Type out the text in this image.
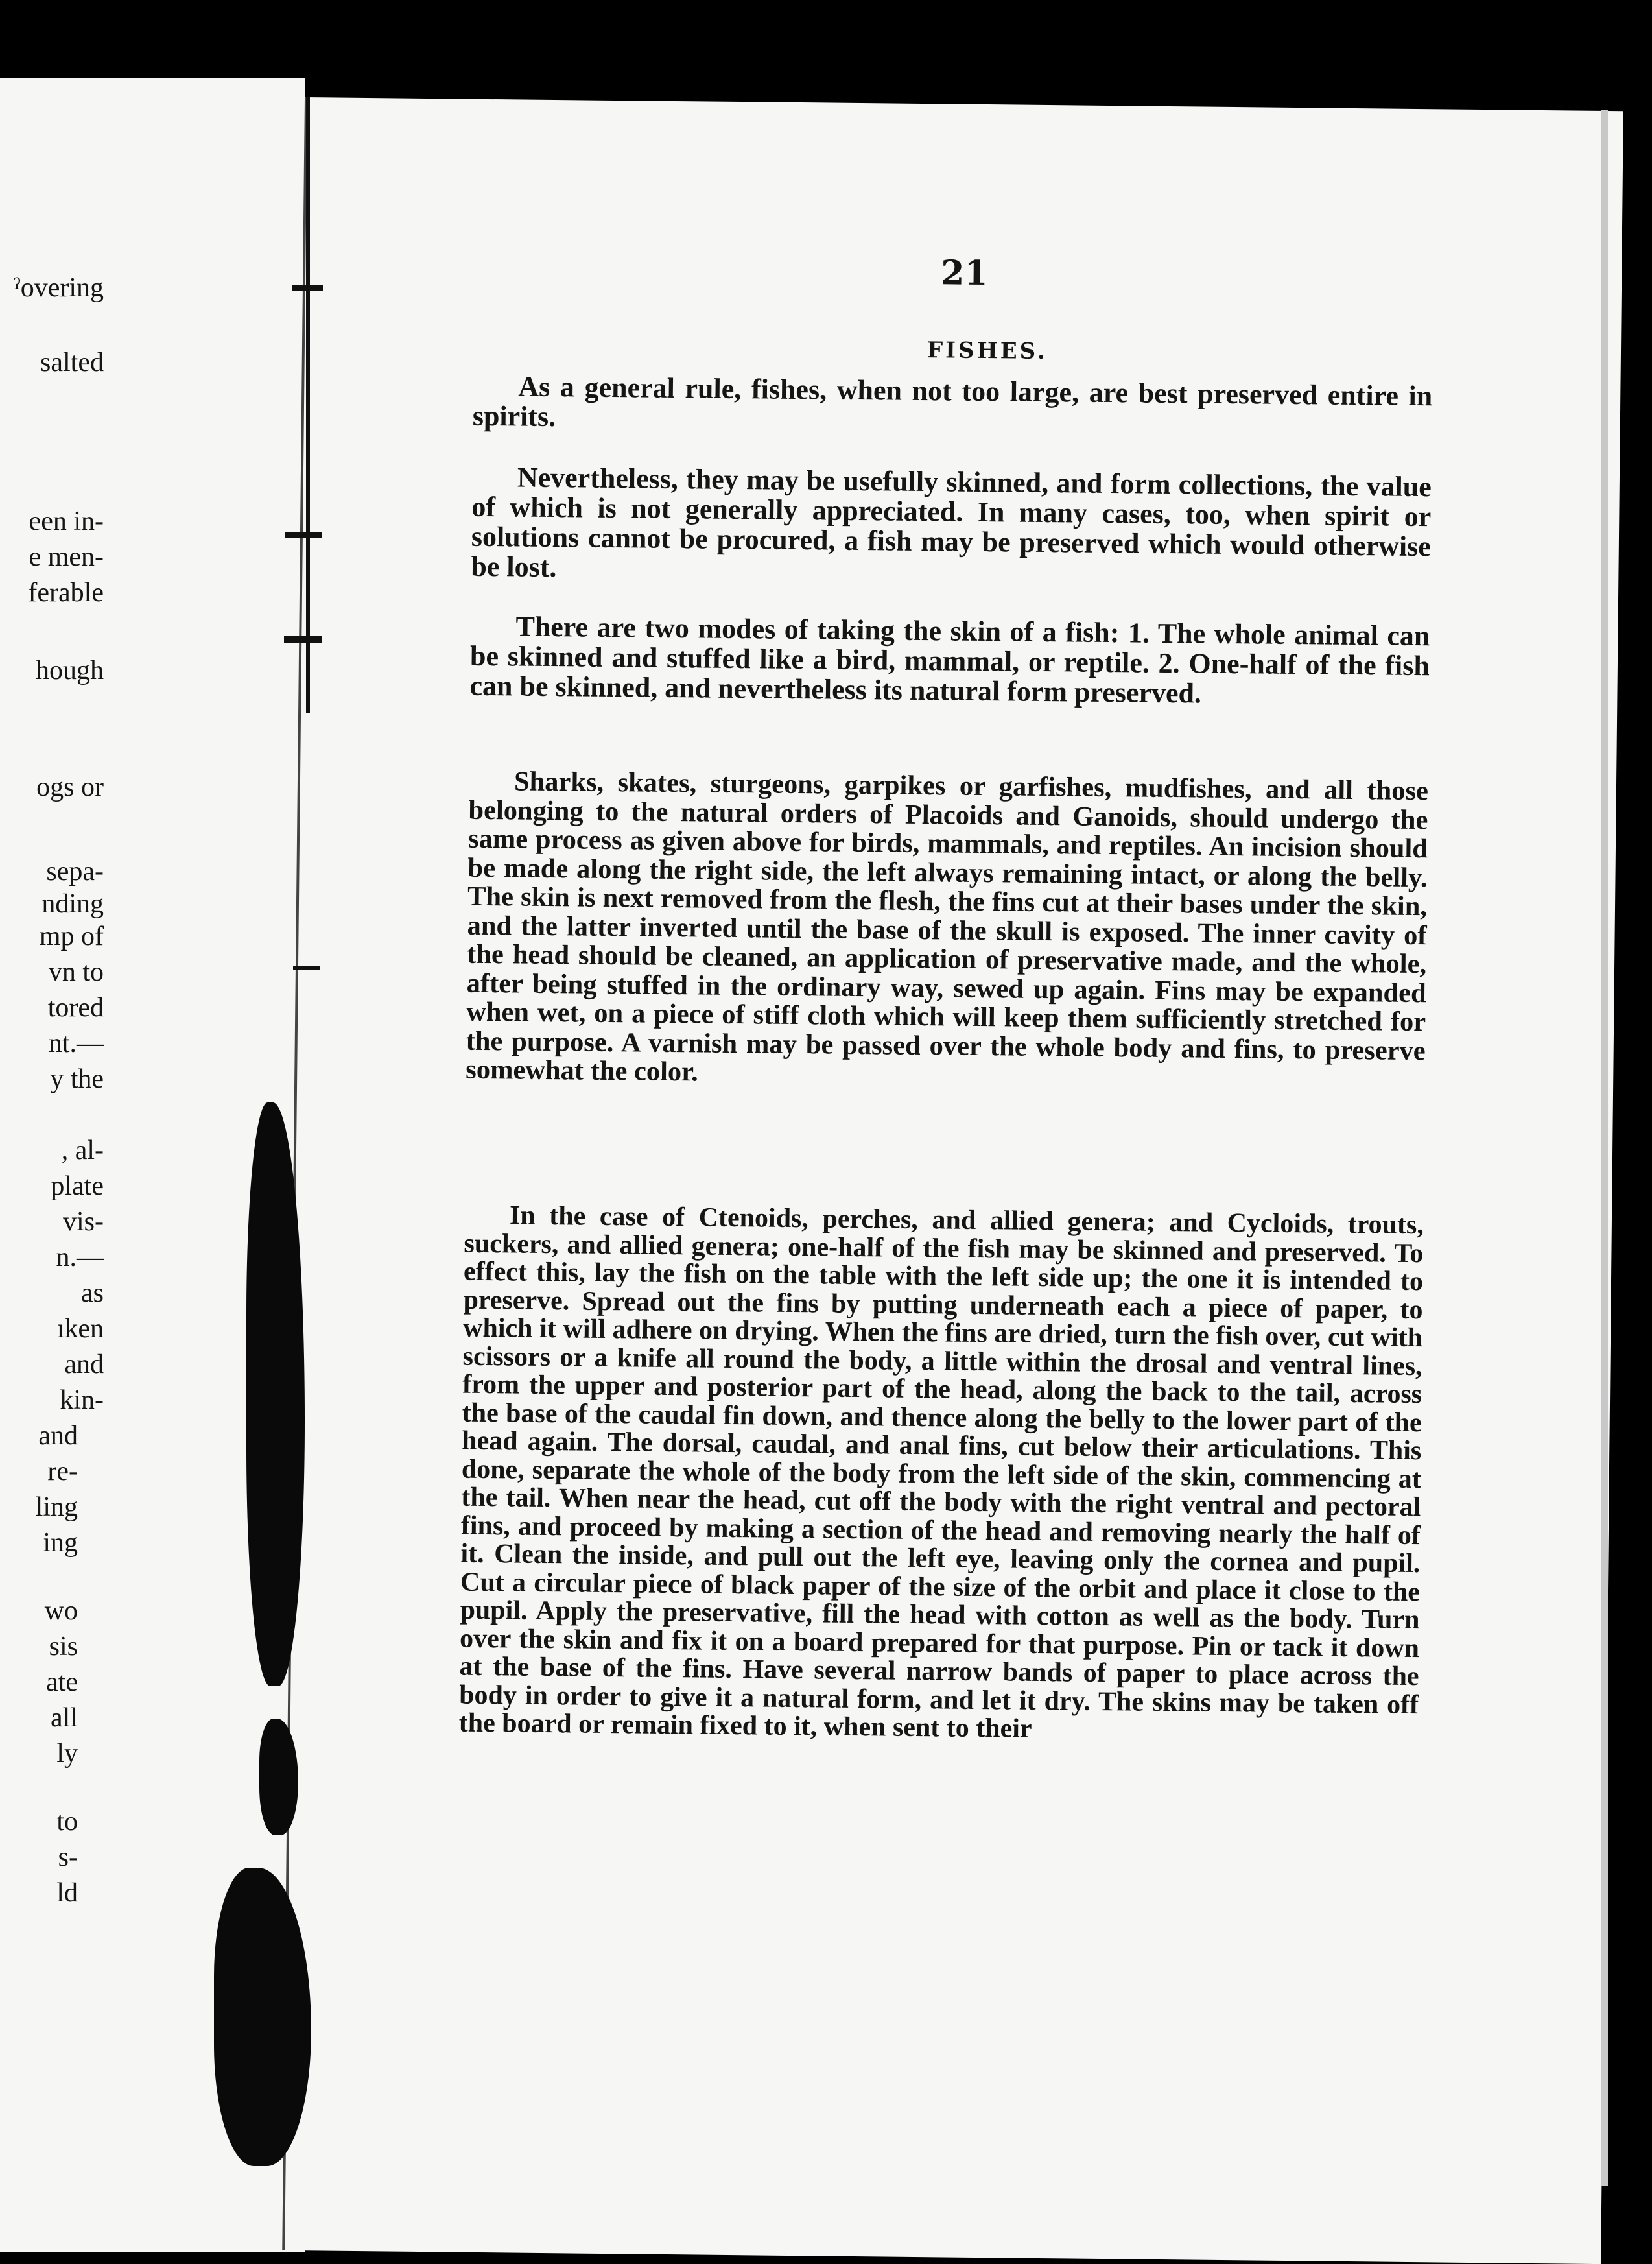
21
FISHES.

As a general rule, fishes, when not too large, are best preserved entire in spirits.

Nevertheless, they may be usefully skinned, and form collections, the value of which is not generally appreciated. In many cases, too, when spirit or solutions cannot be procured, a fish may be preserved which would otherwise be lost.

There are two modes of taking the skin of a fish: 1. The whole animal can be skinned and stuffed like a bird, mammal, or reptile. 2. One-half of the fish can be skinned, and nevertheless its natural form preserved.

Sharks, skates, sturgeons, garpikes or garfishes, mudfishes, and all those belonging to the natural orders of Placoids and Ganoids, should undergo the same process as given above for birds, mammals, and reptiles. An incision should be made along the right side, the left always remaining intact, or along the belly. The skin is next removed from the flesh, the fins cut at their bases under the skin, and the latter inverted until the base of the skull is exposed. The inner cavity of the head should be cleaned, an application of preservative made, and the whole, after being stuffed in the ordinary way, sewed up again. Fins may be expanded when wet, on a piece of stiff cloth which will keep them sufficiently stretched for the purpose. A varnish may be passed over the whole body and fins, to preserve somewhat the color.

In the case of Ctenoids, perches, and allied genera; and Cycloids, trouts, suckers, and allied genera; one-half of the fish may be skinned and preserved. To effect this, lay the fish on the table with the left side up; the one it is intended to preserve. Spread out the fins by putting underneath each a piece of paper, to which it will adhere on drying. When the fins are dried, turn the fish over, cut with scissors or a knife all round the body, a little within the drosal and ventral lines, from the upper and posterior part of the head, along the back to the tail, across the base of the caudal fin down, and thence along the belly to the lower part of the head again. The dorsal, caudal, and anal fins, cut below their articulations. This done, separate the whole of the body from the left side of the skin, commencing at the tail. When near the head, cut off the body with the right ventral and pectoral fins, and proceed by making a section of the head and removing nearly the half of it. Clean the inside, and pull out the left eye, leaving only the cornea and pupil. Cut a circular piece of black paper of the size of the orbit and place it close to the pupil. Apply the preservative, fill the head with cotton as well as the body. Turn over the skin and fix it on a board prepared for that purpose. Pin or tack it down at the base of the fins. Have several narrow bands of paper to place across the body in order to give it a natural form, and let it dry. The skins may be taken off the board or remain fixed to it, when sent to their

ˀovering
salted
een in-
e men-
ferable
hough
ogs or
sepa-
nding
mp of
vn to
tored
nt.—
y the
, al-
plate
vis-
n.—
as
ıken
and
kin-
and
re-
ling
ing
wo
sis
ate
all
ly
to
s-
ld
